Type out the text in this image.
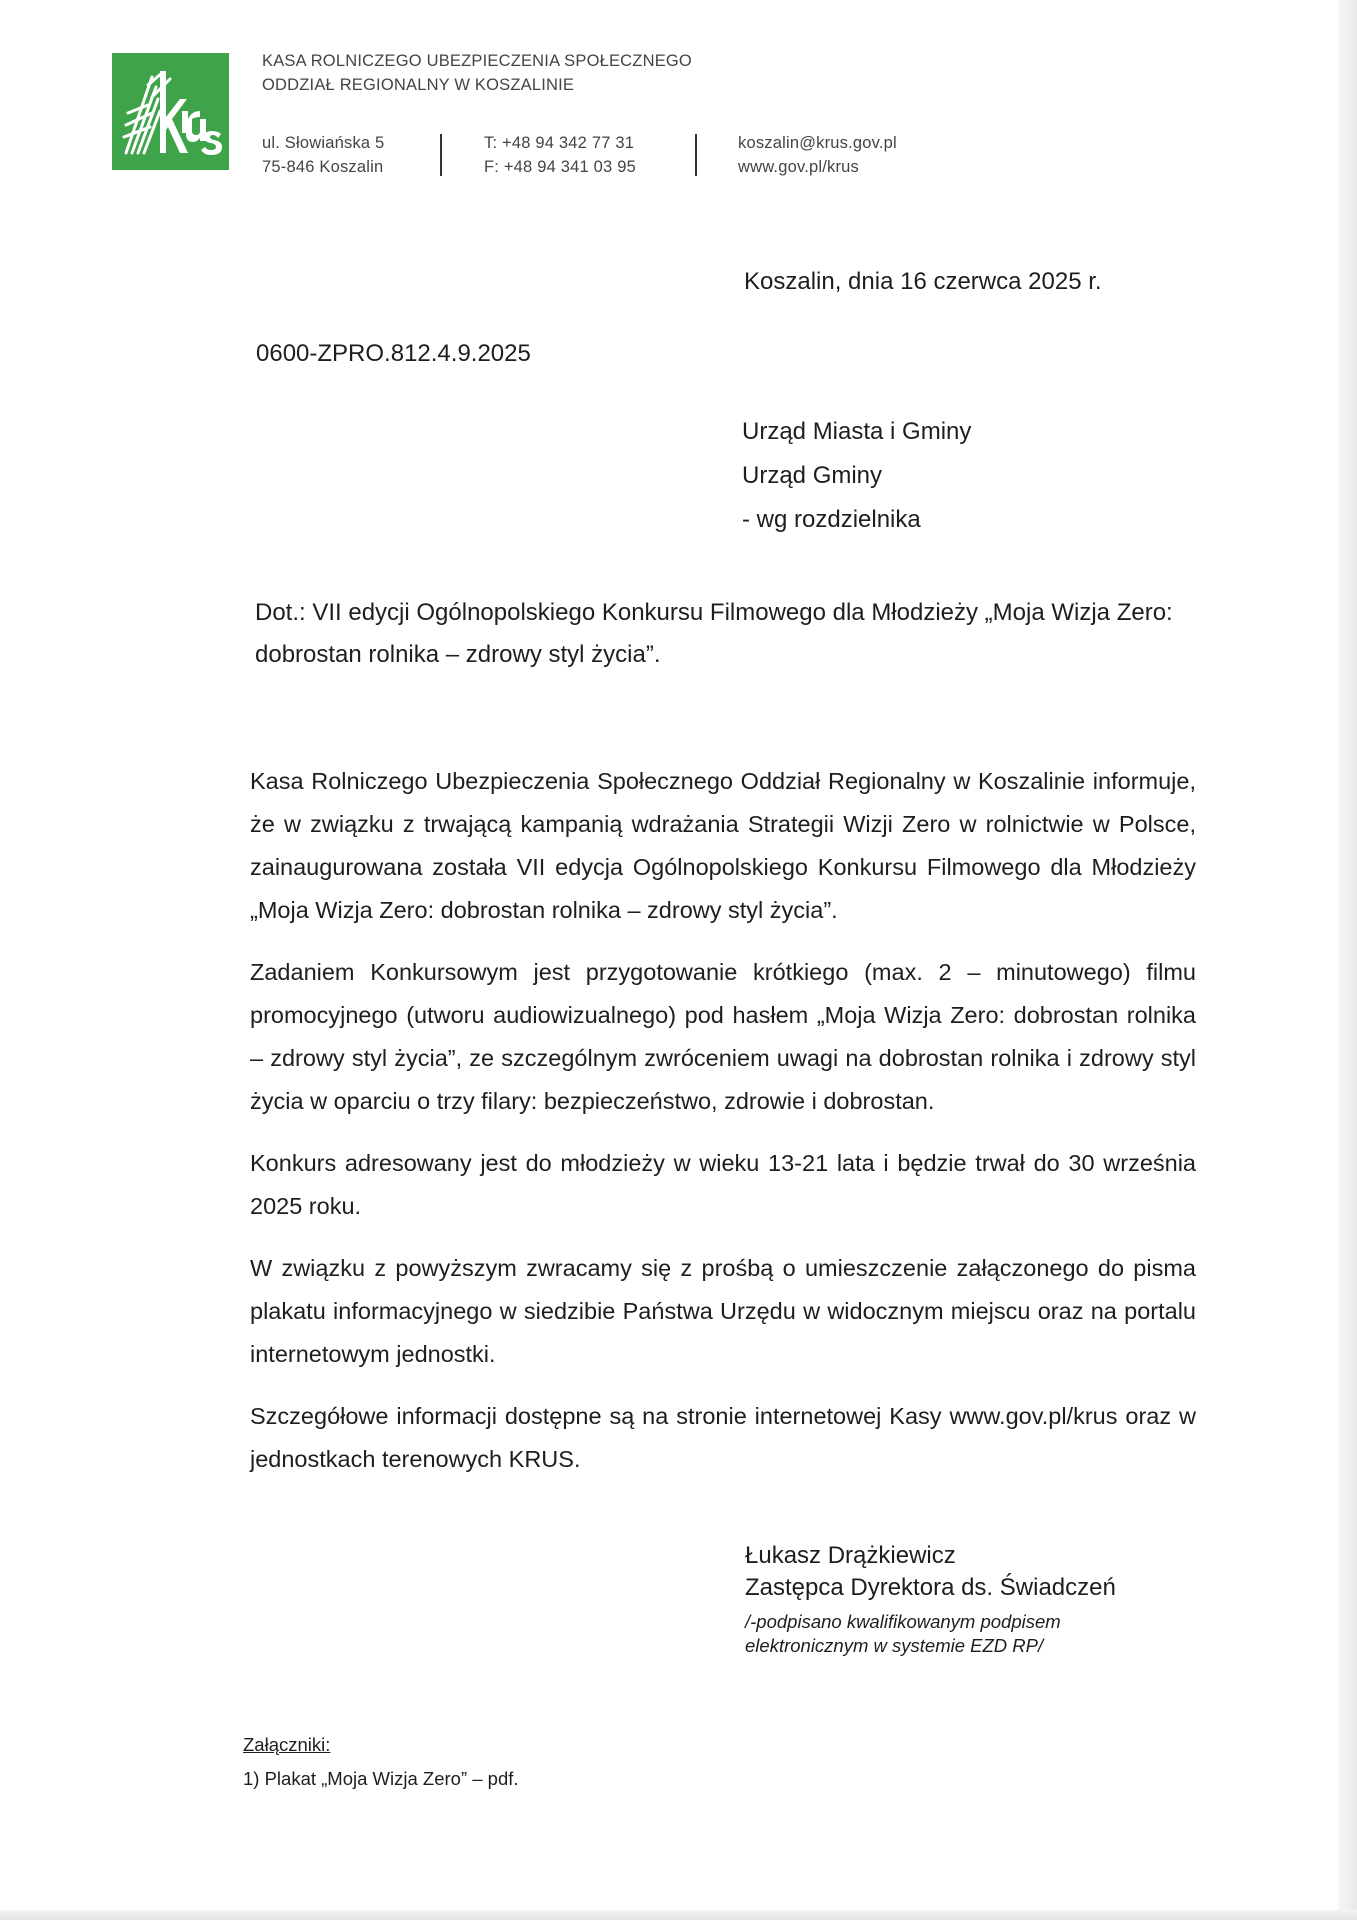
KASA ROLNICZEGO UBEZPIECZENIA SPOŁECZNEGO
ODDZIAŁ REGIONALNY W KOSZALINIE
ul. Słowiańska 5
75-846 Koszalin
T: +48 94 342 77 31
F: +48 94 341 03 95
koszalin@krus.gov.pl
www.gov.pl/krus
Koszalin, dnia 16 czerwca 2025 r.
0600-ZPRO.812.4.9.2025
Urząd Miasta i Gminy
Urząd Gminy
- wg rozdzielnika
Dot.: VII edycji Ogólnopolskiego Konkursu Filmowego dla Młodzieży „Moja Wizja Zero:
dobrostan rolnika – zdrowy styl życia”.

Kasa Rolniczego Ubezpieczenia Społecznego Oddział Regionalny w Koszalinie informuje, że w związku z trwającą kampanią wdrażania Strategii Wizji Zero w rolnictwie w Polsce, zainaugurowana została VII edycja Ogólnopolskiego Konkursu Filmowego dla Młodzieży „Moja Wizja Zero: dobrostan rolnika – zdrowy styl życia”.

Zadaniem Konkursowym jest przygotowanie krótkiego (max. 2 – minutowego) filmu promocyjnego (utworu audiowizualnego) pod hasłem „Moja Wizja Zero: dobrostan rolnika – zdrowy styl życia”, ze szczególnym zwróceniem uwagi na dobrostan rolnika i zdrowy styl życia w oparciu o trzy filary: bezpieczeństwo, zdrowie i dobrostan.

Konkurs adresowany jest do młodzieży w wieku 13-21 lata i będzie trwał do 30 września 2025 roku.

W związku z powyższym zwracamy się z prośbą o umieszczenie załączonego do pisma plakatu informacyjnego w siedzibie Państwa Urzędu w widocznym miejscu oraz na portalu internetowym jednostki.

Szczegółowe informacji dostępne są na stronie internetowej Kasy www.gov.pl/krus oraz w jednostkach terenowych KRUS.

Łukasz Drążkiewicz
Zastępca Dyrektora ds. Świadczeń
/-podpisano kwalifikowanym podpisem
elektronicznym w systemie EZD RP/
Załączniki:
1) Plakat „Moja Wizja Zero” – pdf.
